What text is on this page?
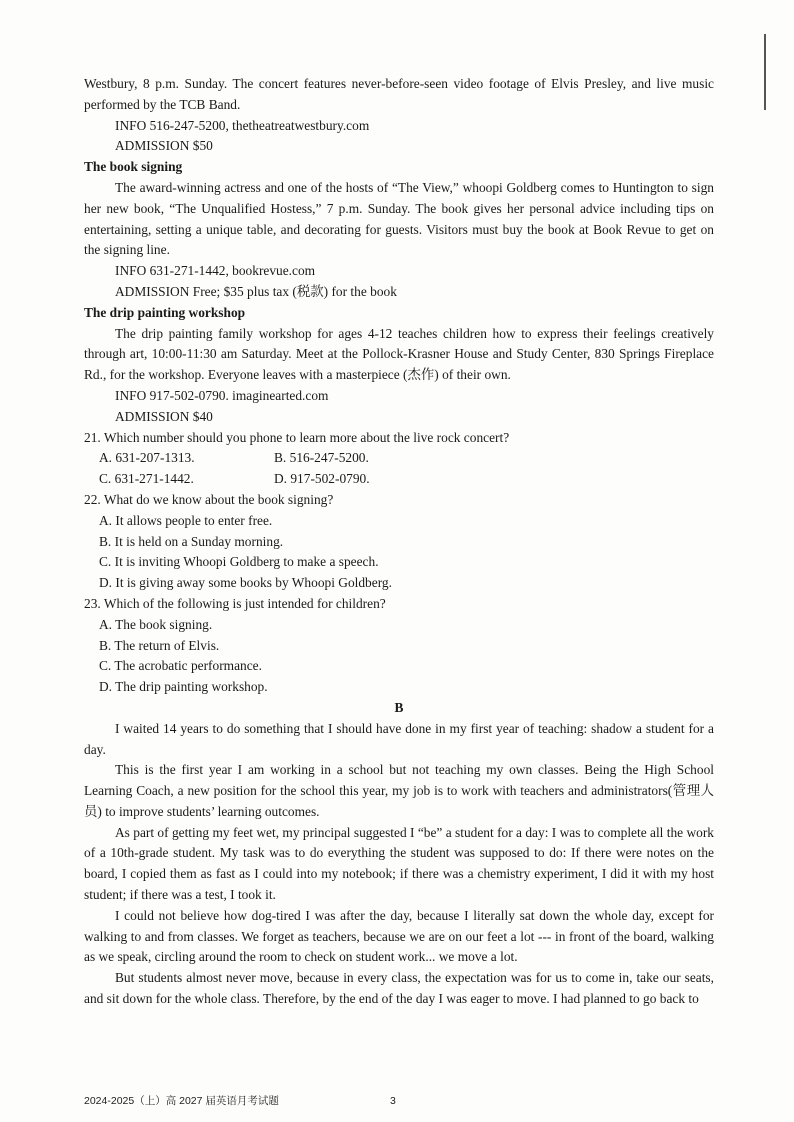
Westbury, 8 p.m. Sunday. The concert features never-before-seen video footage of Elvis Presley, and live music performed by the TCB Band.

INFO 516-247-5200, thetheatreatwestbury.com

ADMISSION $50

The book signing

The award-winning actress and one of the hosts of “The View,” whoopi Goldberg comes to Huntington to sign her new book, “The Unqualified Hostess,” 7 p.m. Sunday. The book gives her personal advice including tips on entertaining, setting a unique table, and decorating for guests. Visitors must buy the book at Book Revue to get on the signing line.

INFO 631-271-1442, bookrevue.com

ADMISSION Free; $35 plus tax (税款) for the book

The drip painting workshop

The drip painting family workshop for ages 4-12 teaches children how to express their feelings creatively through art, 10:00-11:30 am Saturday. Meet at the Pollock-Krasner House and Study Center, 830 Springs Fireplace Rd., for the workshop. Everyone leaves with a masterpiece (杰作) of their own.

INFO 917-502-0790. imaginearted.com

ADMISSION $40

21. Which number should you phone to learn more about the live rock concert?

A. 631-207-1313.	B. 516-247-5200.
C. 631-271-1442.	D. 917-502-0790.

22. What do we know about the book signing?

A. It allows people to enter free.

B. It is held on a Sunday morning.

C. It is inviting Whoopi Goldberg to make a speech.

D. It is giving away some books by Whoopi Goldberg.

23. Which of the following is just intended for children?

A. The book signing.

B. The return of Elvis.

C. The acrobatic performance.

D. The drip painting workshop.

B

I waited 14 years to do something that I should have done in my first year of teaching: shadow a student for a day.

This is the first year I am working in a school but not teaching my own classes. Being the High School Learning Coach, a new position for the school this year, my job is to work with teachers and administrators(管理人员) to improve students’ learning outcomes.

As part of getting my feet wet, my principal suggested I “be” a student for a day: I was to complete all the work of a 10th-grade student. My task was to do everything the student was supposed to do: If there were notes on the board, I copied them as fast as I could into my notebook; if there was a chemistry experiment, I did it with my host student; if there was a test, I took it.

I could not believe how dog-tired I was after the day, because I literally sat down the whole day, except for walking to and from classes. We forget as teachers, because we are on our feet a lot --- in front of the board, walking as we speak, circling around the room to check on student work... we move a lot.

But students almost never move, because in every class, the expectation was for us to come in, take our seats, and sit down for the whole class. Therefore, by the end of the day I was eager to move. I had planned to go back to

2024-2025（上）高 2027 届英语月考试题	3
